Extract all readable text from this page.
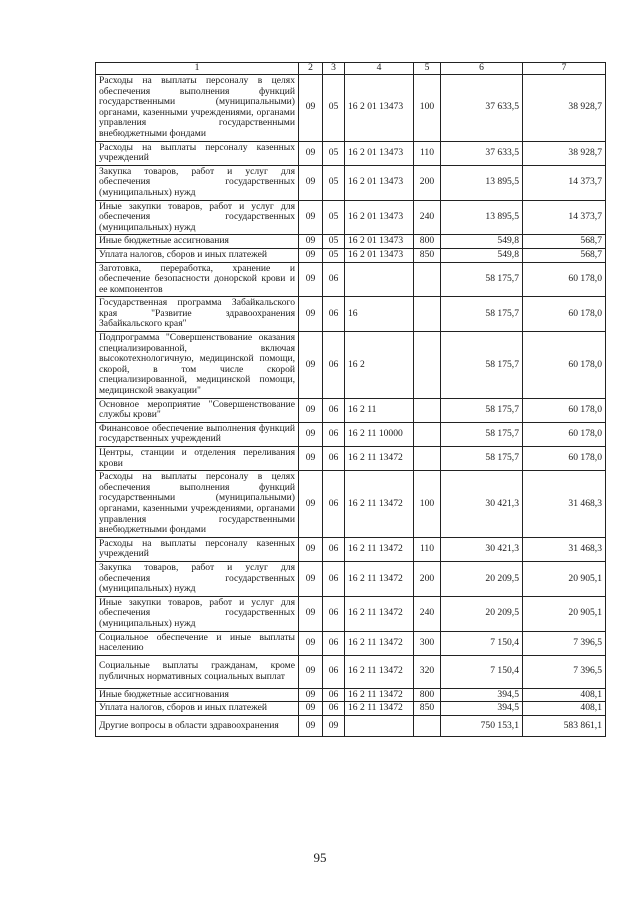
1	2	3	4	5	6	7
Расходы на выплаты персоналу в целях обеспечения выполнения функций государственными (муниципальными) органами, казенными учреждениями, органами управления государственными внебюджетными фондами	09	05	16 2 01 13473	100	37 633,5	38 928,7
Расходы на выплаты персоналу казенных учреждений	09	05	16 2 01 13473	110	37 633,5	38 928,7
Закупка товаров, работ и услуг для обеспечения государственных (муниципальных) нужд	09	05	16 2 01 13473	200	13 895,5	14 373,7
Иные закупки товаров, работ и услуг для обеспечения государственных (муниципальных) нужд	09	05	16 2 01 13473	240	13 895,5	14 373,7
Иные бюджетные ассигнования	09	05	16 2 01 13473	800	549,8	568,7
Уплата налогов, сборов и иных платежей	09	05	16 2 01 13473	850	549,8	568,7
Заготовка, переработка, хранение и обеспечение безопасности донорской крови и ее компонентов	09	06			58 175,7	60 178,0
Государственная программа Забайкальского края "Развитие здравоохранения Забайкальского края"	09	06	16		58 175,7	60 178,0
Подпрограмма "Совершенствование оказания специализированной, включая высокотехнологичную, медицинской помощи, скорой, в том числе скорой специализированной, медицинской помощи, медицинской эвакуации"	09	06	16 2		58 175,7	60 178,0
Основное мероприятие "Совершенствование службы крови"	09	06	16 2 11		58 175,7	60 178,0
Финансовое обеспечение выполнения функций государственных учреждений	09	06	16 2 11 10000		58 175,7	60 178,0
Центры, станции и отделения переливания крови	09	06	16 2 11 13472		58 175,7	60 178,0
Расходы на выплаты персоналу в целях обеспечения выполнения функций государственными (муниципальными) органами, казенными учреждениями, органами управления государственными внебюджетными фондами	09	06	16 2 11 13472	100	30 421,3	31 468,3
Расходы на выплаты персоналу казенных учреждений	09	06	16 2 11 13472	110	30 421,3	31 468,3
Закупка товаров, работ и услуг для обеспечения государственных (муниципальных) нужд	09	06	16 2 11 13472	200	20 209,5	20 905,1
Иные закупки товаров, работ и услуг для обеспечения государственных (муниципальных) нужд	09	06	16 2 11 13472	240	20 209,5	20 905,1
Социальное обеспечение и иные выплаты населению	09	06	16 2 11 13472	300	7 150,4	7 396,5
Социальные выплаты гражданам, кроме публичных нормативных социальных выплат	09	06	16 2 11 13472	320	7 150,4	7 396,5
Иные бюджетные ассигнования	09	06	16 2 11 13472	800	394,5	408,1
Уплата налогов, сборов и иных платежей	09	06	16 2 11 13472	850	394,5	408,1
Другие вопросы в области здравоохранения	09	09			750 153,1	583 861,1
95
